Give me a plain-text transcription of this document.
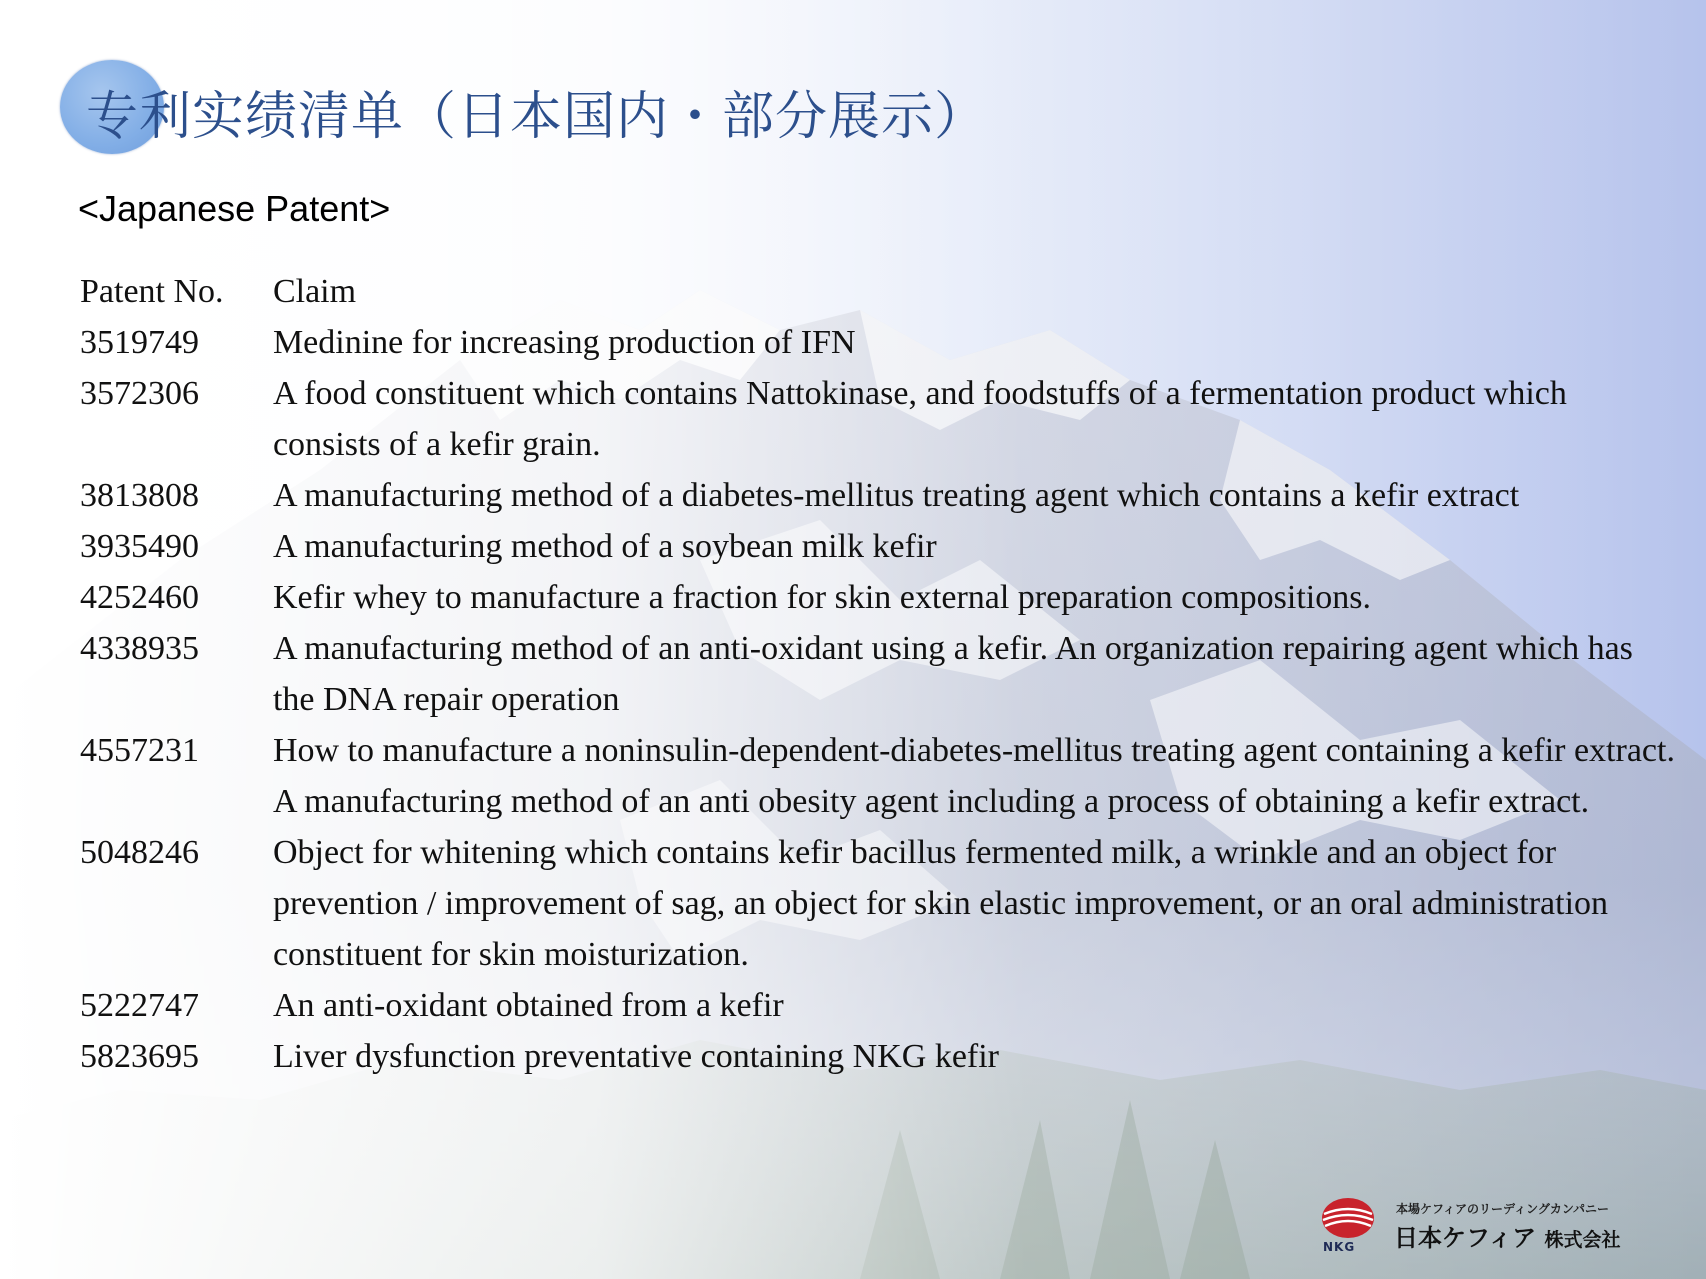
专利实绩清单（日本国内・部分展示）
<Japanese Patent>
Patent No.	Claim
3519749	Medinine for increasing production of IFN
3572306	A food constituent which contains Nattokinase, and foodstuffs of a fermentation product which consists of a kefir grain.
3813808	A manufacturing method of a diabetes-mellitus treating agent which contains a kefir extract
3935490	A manufacturing method of a soybean milk kefir
4252460	Kefir whey to manufacture a fraction for skin external preparation compositions.
4338935	A manufacturing method of an anti-oxidant using a kefir. An organization repairing agent which has the DNA repair operation
4557231	How to manufacture a noninsulin-dependent-diabetes-mellitus treating agent containing a kefir extract. A manufacturing method of an anti obesity agent including a process of obtaining a kefir extract.
5048246	Object for whitening which contains kefir bacillus fermented milk, a wrinkle and an object for prevention / improvement of sag, an object for skin elastic improvement, or an oral administration constituent for skin moisturization.
5222747	An anti-oxidant obtained from a kefir
5823695	Liver dysfunction preventative containing NKG kefir
NKG
本場ケフィアのリーディングカンパニー
日本ケフィア 株式会社
